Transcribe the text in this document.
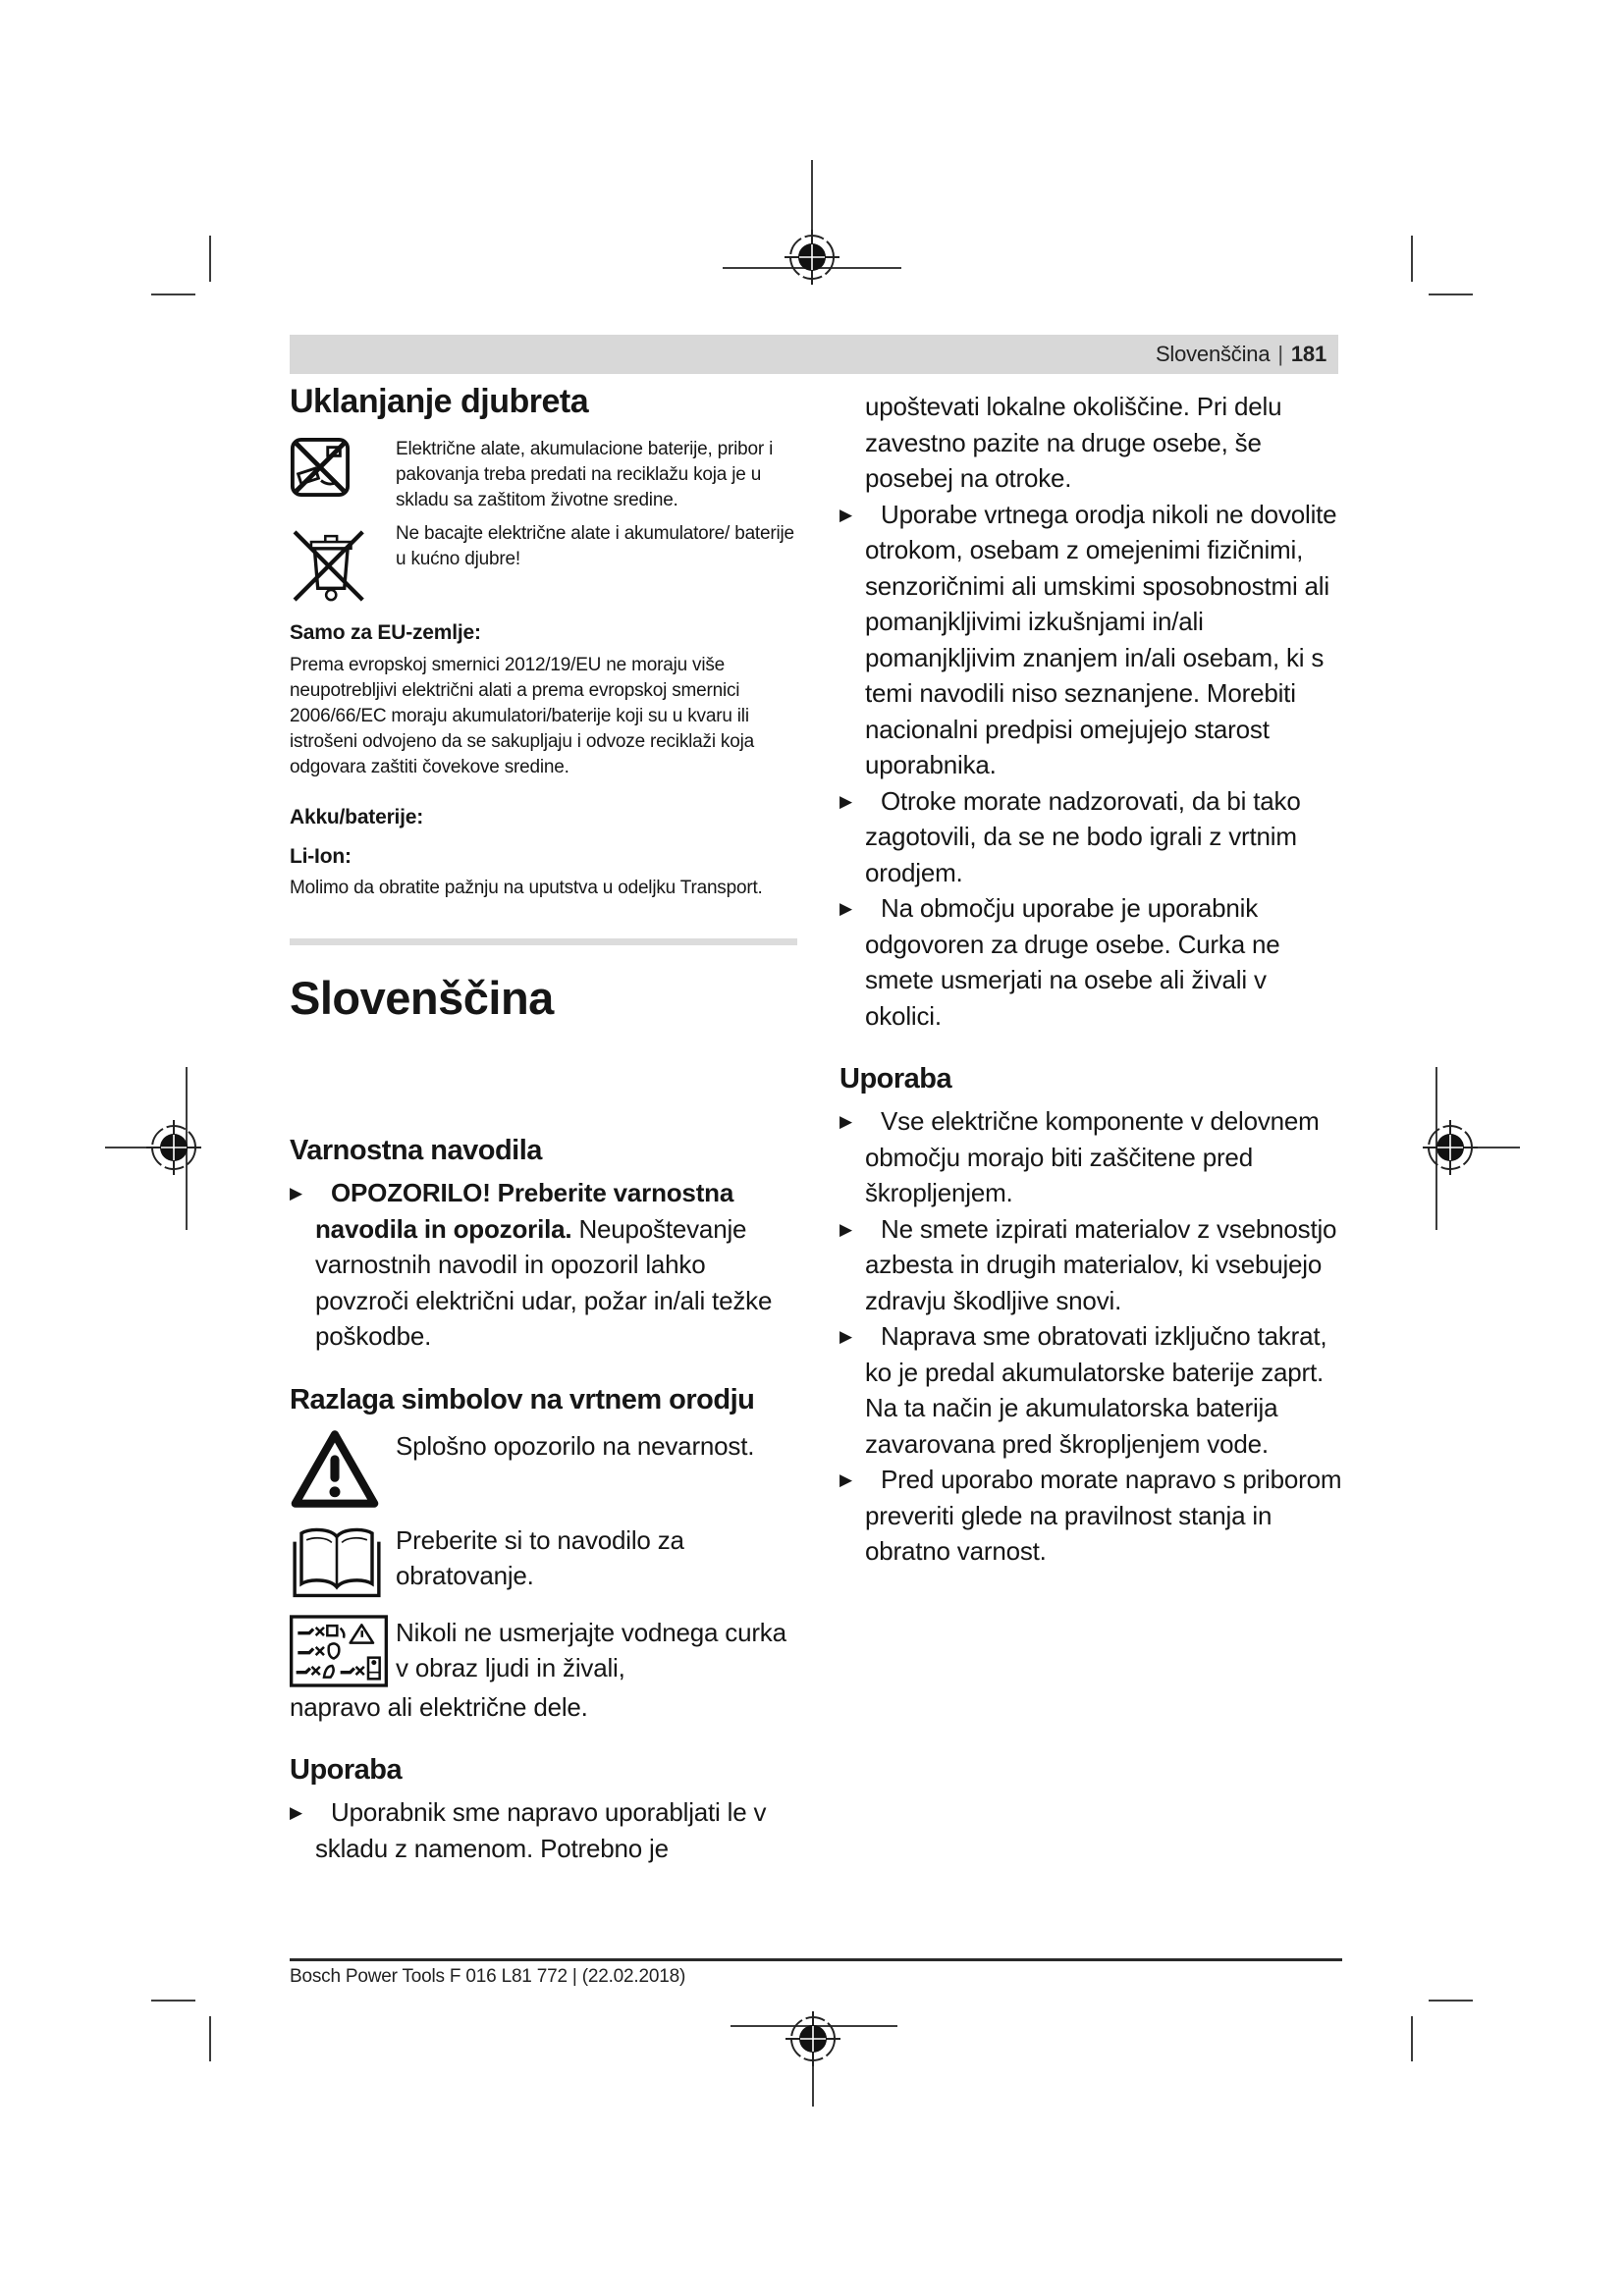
Slovenščina | 181
Uklanjanje djubreta

Električne alate, akumulacione baterije, pribor i pakovanja treba predati na reciklažu koja je u skladu sa zaštitom životne sredine.

Ne bacajte električne alate i akumulatore/ baterije u kućno djubre!

Samo za EU-zemlje:

Prema evropskoj smernici 2012/19/EU ne moraju više neupotrebljivi električni alati a prema evropskoj smernici 2006/66/EC moraju akumulatori/baterije koji su u kvaru ili istrošeni odvojeno da se sakupljaju i odvoze reciklaži koja odgovara zaštiti čovekove sredine.

Akku/baterije:
Li-Ion:

Molimo da obratite pažnju na uputstva u odeljku Transport.

Slovenščina
Varnostna navodila

▶ OPOZORILO! Preberite varnostna navodila in opozorila. Neupoštevanje varnostnih navodil in opozoril lahko povzroči električni udar, požar in/ali težke poškodbe.

Razlaga simbolov na vrtnem orodju

Splošno opozorilo na nevarnost.

Preberite si to navodilo za obratovanje.

Nikoli ne usmerjajte vodnega curka v obraz ljudi in živali,

napravo ali električne dele.

Uporaba

▶ Uporabnik sme napravo uporabljati le v skladu z namenom. Potrebno je

upoštevati lokalne okoliščine. Pri delu zavestno pazite na druge osebe, še posebej na otroke.

▶ Uporabe vrtnega orodja nikoli ne dovolite otrokom, osebam z omejenimi fizičnimi, senzoričnimi ali umskimi sposobnostmi ali pomanjkljivimi izkušnjami in/ali pomanjkljivim znanjem in/ali osebam, ki s temi navodili niso seznanjene. Morebiti nacionalni predpisi omejujejo starost uporabnika.

▶ Otroke morate nadzorovati, da bi tako zagotovili, da se ne bodo igrali z vrtnim orodjem.

▶ Na območju uporabe je uporabnik odgovoren za druge osebe. Curka ne smete usmerjati na osebe ali živali v okolici.

Uporaba

▶ Vse električne komponente v delovnem območju morajo biti zaščitene pred škropljenjem.

▶ Ne smete izpirati materialov z vsebnostjo azbesta in drugih materialov, ki vsebujejo zdravju škodljive snovi.

▶ Naprava sme obratovati izključno takrat, ko je predal akumulatorske baterije zaprt. Na ta način je akumulatorska baterija zavarovana pred škropljenjem vode.

▶ Pred uporabo morate napravo s priborom preveriti glede na pravilnost stanja in obratno varnost.

Bosch Power Tools F 016 L81 772 | (22.02.2018)
